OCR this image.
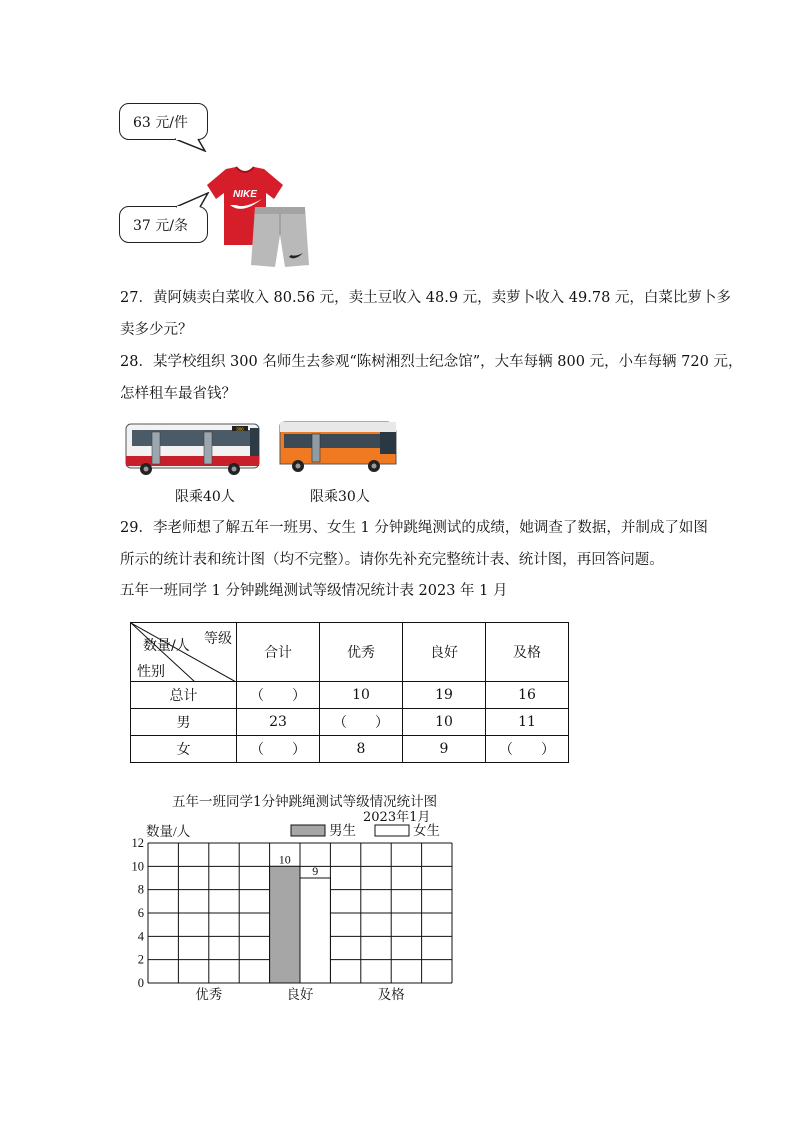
63 元/件
37 元/条
NIKE
27．黄阿姨卖白菜收入 80.56 元，卖土豆收入 48.9 元，卖萝卜收入 49.78 元，白菜比萝卜多
卖多少元？
28．某学校组织 300 名师生去参观“陈树湘烈士纪念馆”，大车每辆 800 元，小车每辆 720 元，
怎样租车最省钱？
306
限乘40人	限乘30人
29．李老师想了解五年一班男、女生 1 分钟跳绳测试的成绩，她调查了数据，并制成了如图
所示的统计表和统计图（均不完整）。请你先补充完整统计表、统计图，再回答问题。
五年一班同学 1 分钟跳绳测试等级情况统计表 2023 年 1 月
等级
数量/人
性别	合计	优秀	良好	及格
总计	（　　）	10	19	16
男	23	（　　）	10	11
女	（　　）	8	9	（　　）
五年一班同学1分钟跳绳测试等级情况统计图
2023年1月
0
2
4
6
8
10
12
数量/人	男生	女生
优秀	良好
10
9
及格
